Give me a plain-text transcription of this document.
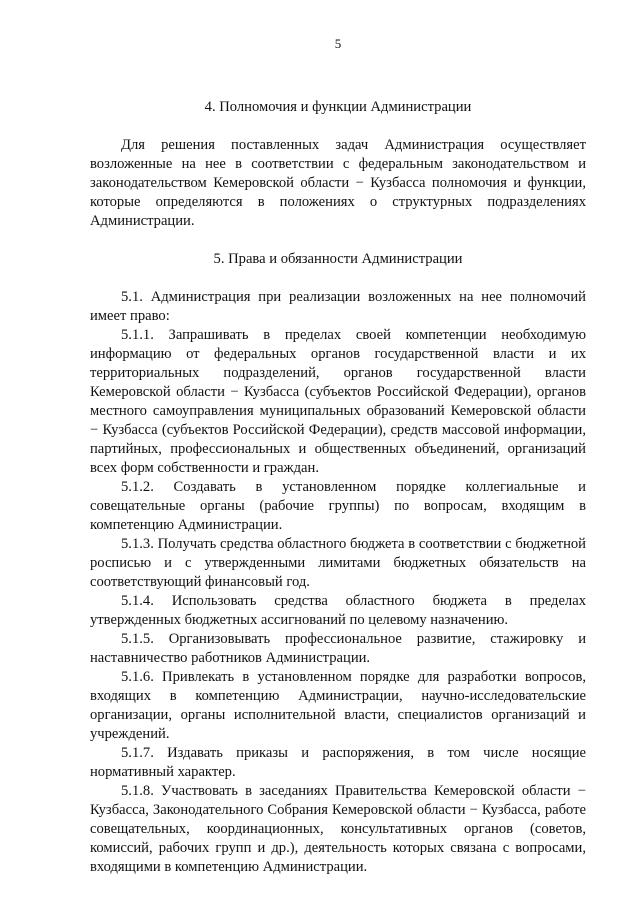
5

4. Полномочия и функции Администрации

Для решения поставленных задач Администрация осуществляет возложенные на нее в соответствии с федеральным законодательством и законодательством Кемеровской области − Кузбасса полномочия и функции, которые определяются в положениях о структурных подразделениях Администрации.

5. Права и обязанности Администрации

5.1. Администрация при реализации возложенных на нее полномочий имеет право:

5.1.1. Запрашивать в пределах своей компетенции необходимую информацию от федеральных органов государственной власти и их территориальных подразделений, органов государственной власти Кемеровской области − Кузбасса (субъектов Российской Федерации), органов местного самоуправления муниципальных образований Кемеровской области − Кузбасса (субъектов Российской Федерации), средств массовой информации, партийных, профессиональных и общественных объединений, организаций всех форм собственности и граждан.

5.1.2. Создавать в установленном порядке коллегиальные и совещательные органы (рабочие группы) по вопросам, входящим в компетенцию Администрации.

5.1.3. Получать средства областного бюджета в соответствии с бюджетной росписью и с утвержденными лимитами бюджетных обязательств на соответствующий финансовый год.

5.1.4. Использовать средства областного бюджета в пределах утвержденных бюджетных ассигнований по целевому назначению.

5.1.5. Организовывать профессиональное развитие, стажировку и наставничество работников Администрации.

5.1.6. Привлекать в установленном порядке для разработки вопросов, входящих в компетенцию Администрации, научно-исследовательские организации, органы исполнительной власти, специалистов организаций и учреждений.

5.1.7. Издавать приказы и распоряжения, в том числе носящие нормативный характер.

5.1.8. Участвовать в заседаниях Правительства Кемеровской области − Кузбасса, Законодательного Собрания Кемеровской области − Кузбасса, работе совещательных, координационных, консультативных органов (советов, комиссий, рабочих групп и др.), деятельность которых связана с вопросами, входящими в компетенцию Администрации.
